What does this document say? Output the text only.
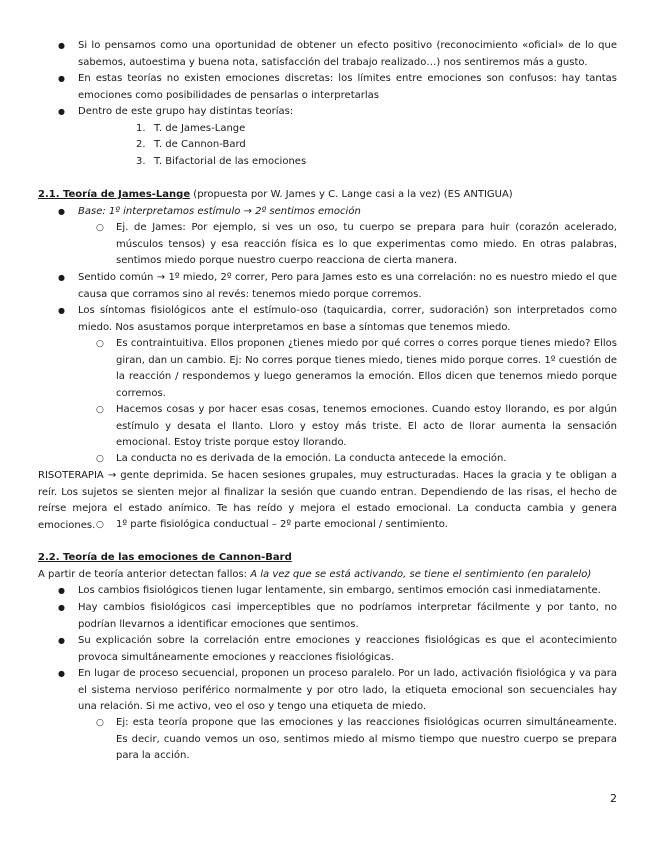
● Si lo pensamos como una oportunidad de obtener un efecto positivo (reconocimiento «oficial» de lo que sabemos, autoestima y buena nota, satisfacción del trabajo realizado…) nos sentiremos más a gusto.
● En estas teorías no existen emociones discretas: los límites entre emociones son confusos: hay tantas emociones como posibilidades de pensarlas o interpretarlas
● Dentro de este grupo hay distintas teorías:
1. T. de James-Lange
2. T. de Cannon-Bard
3. T. Bifactorial de las emociones
2.1. Teoría de James-Lange (propuesta por W. James y C. Lange casi a la vez) (ES ANTIGUA)
● Base: 1º interpretamos estímulo → 2º sentimos emoción
○ Ej. de James: Por ejemplo, si ves un oso, tu cuerpo se prepara para huir (corazón acelerado, músculos tensos) y esa reacción física es lo que experimentas como miedo. En otras palabras, sentimos miedo porque nuestro cuerpo reacciona de cierta manera.
● Sentido común → 1º miedo, 2º correr, Pero para James esto es una correlación: no es nuestro miedo el que causa que corramos sino al revés: tenemos miedo porque corremos.
● Los síntomas fisiológicos ante el estímulo-oso (taquicardia, correr, sudoración) son interpretados como miedo. Nos asustamos porque interpretamos en base a síntomas que tenemos miedo.
○ Es contraintuitiva. Ellos proponen ¿tienes miedo por qué corres o corres porque tienes miedo? Ellos giran, dan un cambio. Ej: No corres porque tienes miedo, tienes mido porque corres. 1º cuestión de la reacción / respondemos y luego generamos la emoción. Ellos dicen que tenemos miedo porque corremos.
○ Hacemos cosas y por hacer esas cosas, tenemos emociones. Cuando estoy llorando, es por algún estímulo y desata el llanto. Lloro y estoy más triste. El acto de llorar aumenta la sensación emocional. Estoy triste porque estoy llorando.
○ La conducta no es derivada de la emoción. La conducta antecede la emoción.
RISOTERAPIA → gente deprimida. Se hacen sesiones grupales, muy estructuradas. Haces la gracia y te obligan a reír. Los sujetos se sienten mejor al finalizar la sesión que cuando entran. Dependiendo de las risas, el hecho de reírse mejora el estado anímico. Te has reído y mejora el estado emocional. La conducta cambia y genera emociones.
○	1º parte fisiológica conductual – 2º parte emocional / sentimiento.
2.2. Teoría de las emociones de Cannon-Bard
A partir de teoría anterior detectan fallos: A la vez que se está activando, se tiene el sentimiento (en paralelo)
● Los cambios fisiológicos tienen lugar lentamente, sin embargo, sentimos emoción casi inmediatamente.
● Hay cambios fisiológicos casi imperceptibles que no podríamos interpretar fácilmente y por tanto, no podrían llevarnos a identificar emociones que sentimos.
● Su explicación sobre la correlación entre emociones y reacciones fisiológicas es que el acontecimiento provoca simultáneamente emociones y reacciones fisiológicas.
● En lugar de proceso secuencial, proponen un proceso paralelo. Por un lado, activación fisiológica y va para el sistema nervioso periférico normalmente y por otro lado, la etiqueta emocional son secuenciales hay una relación. Si me activo, veo el oso y tengo una etiqueta de miedo.
○ Ej: esta teoría propone que las emociones y las reacciones fisiológicas ocurren simultáneamente. Es decir, cuando vemos un oso, sentimos miedo al mismo tiempo que nuestro cuerpo se prepara para la acción.
2
